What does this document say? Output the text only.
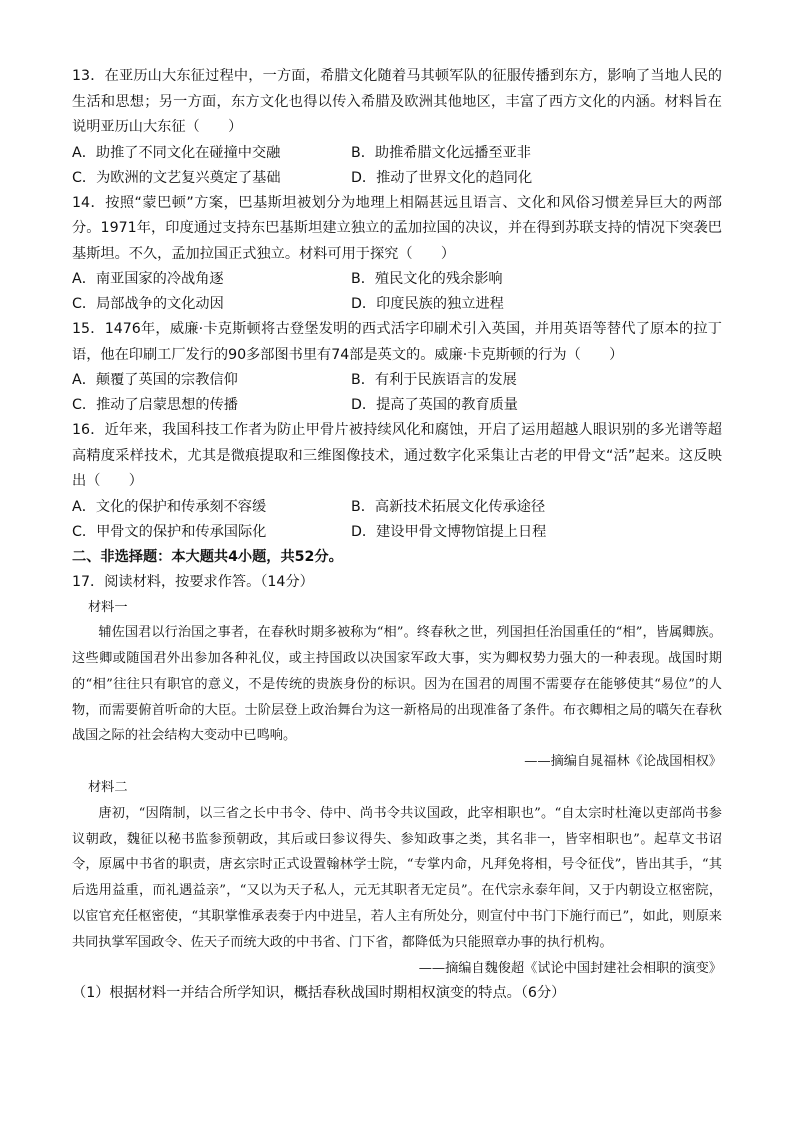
13．在亚历山大东征过程中，一方面，希腊文化随着马其顿军队的征服传播到东方，影响了当地人民的生活和思想；另一方面，东方文化也得以传入希腊及欧洲其他地区，丰富了西方文化的内涵。材料旨在说明亚历山大东征（　　）
A．助推了不同文化在碰撞中交融	B．助推希腊文化远播至亚非
C．为欧洲的文艺复兴奠定了基础	D．推动了世界文化的趋同化
14．按照“蒙巴顿”方案，巴基斯坦被划分为地理上相隔甚远且语言、文化和风俗习惯差异巨大的两部分。1971年，印度通过支持东巴基斯坦建立独立的孟加拉国的决议，并在得到苏联支持的情况下突袭巴基斯坦。不久，孟加拉国正式独立。材料可用于探究（　　）
A．南亚国家的冷战角逐	B．殖民文化的残余影响
C．局部战争的文化动因	D．印度民族的独立进程
15．1476年，威廉·卡克斯顿将古登堡发明的西式活字印刷术引入英国，并用英语等替代了原本的拉丁语，他在印刷工厂发行的90多部图书里有74部是英文的。威廉·卡克斯顿的行为（　　）
A．颠覆了英国的宗教信仰	B．有利于民族语言的发展
C．推动了启蒙思想的传播	D．提高了英国的教育质量
16．近年来，我国科技工作者为防止甲骨片被持续风化和腐蚀，开启了运用超越人眼识别的多光谱等超高精度采样技术，尤其是微痕提取和三维图像技术，通过数字化采集让古老的甲骨文“活”起来。这反映出（　　）
A．文化的保护和传承刻不容缓	B．高新技术拓展文化传承途径
C．甲骨文的保护和传承国际化	D．建设甲骨文博物馆提上日程
二、非选择题：本大题共4小题，共52分。
17．阅读材料，按要求作答。（14分）
材料一
辅佐国君以行治国之事者，在春秋时期多被称为“相”。终春秋之世，列国担任治国重任的“相”，皆属卿族。这些卿或随国君外出参加各种礼仪，或主持国政以决国家军政大事，实为卿权势力强大的一种表现。战国时期的“相”往往只有职官的意义，不是传统的贵族身份的标识。因为在国君的周围不需要存在能够使其“易位”的人物，而需要俯首听命的大臣。士阶层登上政治舞台为这一新格局的出现准备了条件。布衣卿相之局的嚆矢在春秋战国之际的社会结构大变动中已鸣响。
——摘编自晁福林《论战国相权》
材料二
唐初，“因隋制，以三省之长中书令、侍中、尚书令共议国政，此宰相职也”。“自太宗时杜淹以吏部尚书参议朝政，魏征以秘书监参预朝政，其后或曰参议得失、参知政事之类，其名非一，皆宰相职也”。起草文书诏令，原属中书省的职责，唐玄宗时正式设置翰林学士院，“专掌内命，凡拜免将相，号令征伐”，皆出其手，“其后选用益重，而礼遇益亲”，“又以为天子私人，元无其职者无定员”。在代宗永泰年间，又于内朝设立枢密院，以宦官充任枢密使，“其职掌惟承表奏于内中进呈，若人主有所处分，则宣付中书门下施行而已”，如此，则原来共同执掌军国政令、佐天子而统大政的中书省、门下省，都降低为只能照章办事的执行机构。
——摘编自魏俊超《试论中国封建社会相职的演变》
（1）根据材料一并结合所学知识，概括春秋战国时期相权演变的特点。（6分）
